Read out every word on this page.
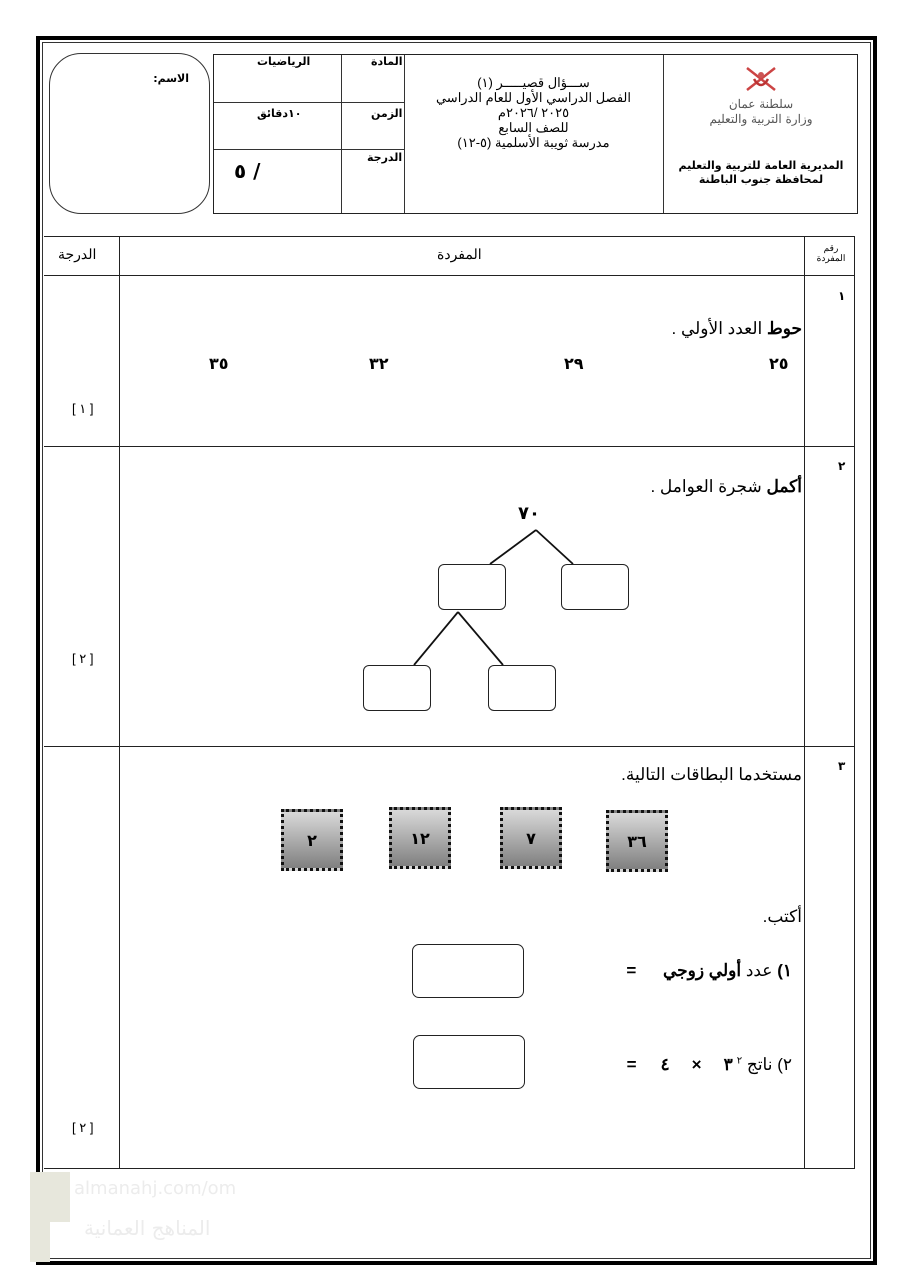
الاسم:
الرياضيات	المادة
١٠دقائق	الزمن
/ ٥
الدرجة
ســـؤال قصيـــــر (١)
الفصل الدراسي الأول للعام الدراسي
٢٠٢٥ /٢٠٢٦م
للصف السابع
مدرسة ثويبة الأسلمية (٥-١٢)
سلطنة عمان
وزارة التربية والتعليم
المديرية العامة للتربية والتعليم
لمحافظة جنوب الباطنة
الدرجة	المفردة	رقم
المفردة
١
حوط العدد الأولي .
٢٥
٢٩
٣٢
٣٥
[ ١ ]
٢
أكمل شجرة العوامل .
٧٠
[ ٢ ]
٣
مستخدما البطاقات التالية.
٣٦
٧
١٢
٢
أكتب.
١) عدد أولي زوجي =
٢) ناتج ٣ $^٢$×٤=
[ ٢ ]
almanahj.com/om
المناهج العمانية
